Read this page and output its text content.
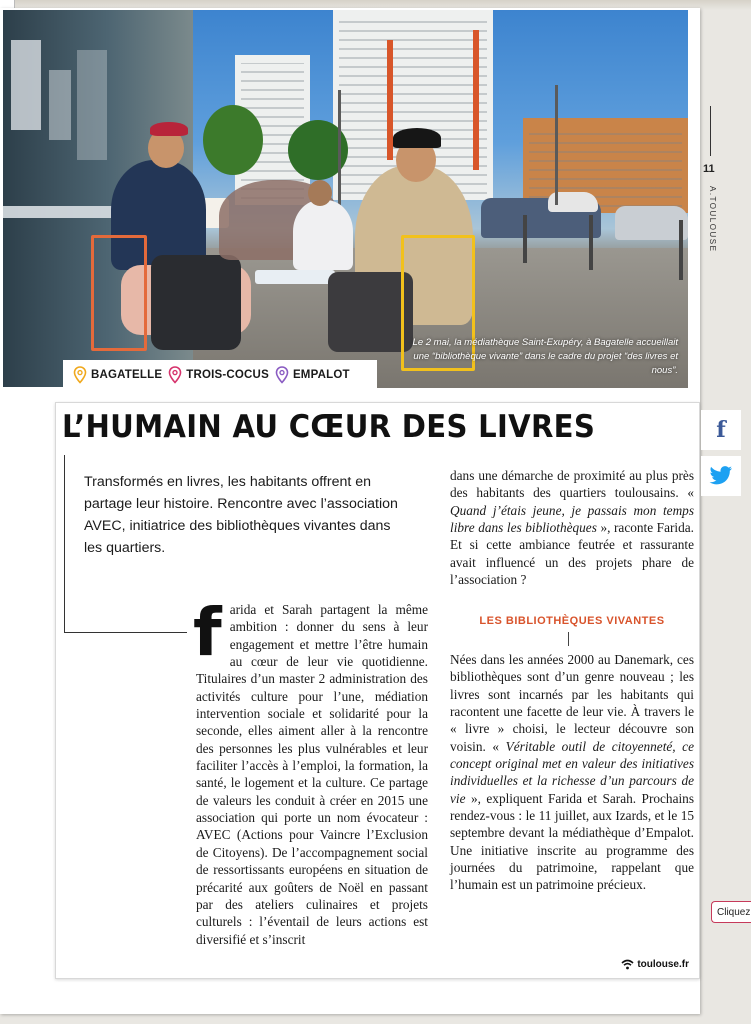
Le 2 mai, la médiathèque Saint-Exupéry, à Bagatelle accueillait une “bibliothèque vivante” dans le cadre du projet “des livres et nous”.
BAGATELLE TROIS-COCUS EMPALOT
11
A.TOULOUSE
L’HUMAIN AU CŒUR DES LIVRES
Transformés en livres, les habitants offrent en partage leur histoire. Rencontre avec l’association AVEC, initiatrice des bibliothèques vivantes dans les quartiers.
f arida et Sarah partagent la même ambition : donner du sens à leur engagement et mettre l’être humain au cœur de leur vie quotidienne. Titulaires d’un master 2 administration des activités culture pour l’une, médiation intervention sociale et solidarité pour la seconde, elles aiment aller à la rencontre des personnes les plus vulnérables et leur faciliter l’accès à l’emploi, la formation, la santé, le logement et la culture. Ce partage de valeurs les conduit à créer en 2015 une association qui porte un nom évocateur : AVEC (Actions pour Vaincre l’Exclusion de Citoyens). De l’accompagnement social de ressortissants européens en situation de précarité aux goûters de Noël en passant par des ateliers culinaires et projets culturels : l’éventail de leurs actions est diversifié et s’inscrit

dans une démarche de proximité au plus près des habitants des quartiers toulousains. « Quand j’étais jeune, je passais mon temps libre dans les bibliothèques », raconte Farida. Et si cette ambiance feutrée et rassurante avait influencé un des projets phare de l’association ?

LES BIBLIOTHÈQUES VIVANTES

Nées dans les années 2000 au Danemark, ces bibliothèques sont d’un genre nouveau ; les livres sont incarnés par les habitants qui racontent une facette de leur vie. À travers le « livre » choisi, le lecteur découvre son voisin. « Véritable outil de citoyenneté, ce concept original met en valeur des initiatives individuelles et la richesse d’un parcours de vie », expliquent Farida et Sarah. Prochains rendez-vous : le 11 juillet, aux Izards, et le 15 septembre devant la médiathèque d’Empalot. Une initiative inscrite au programme des journées du patrimoine, rappelant que l’humain est un patrimoine précieux.

toulouse.fr
f
Cliquez
